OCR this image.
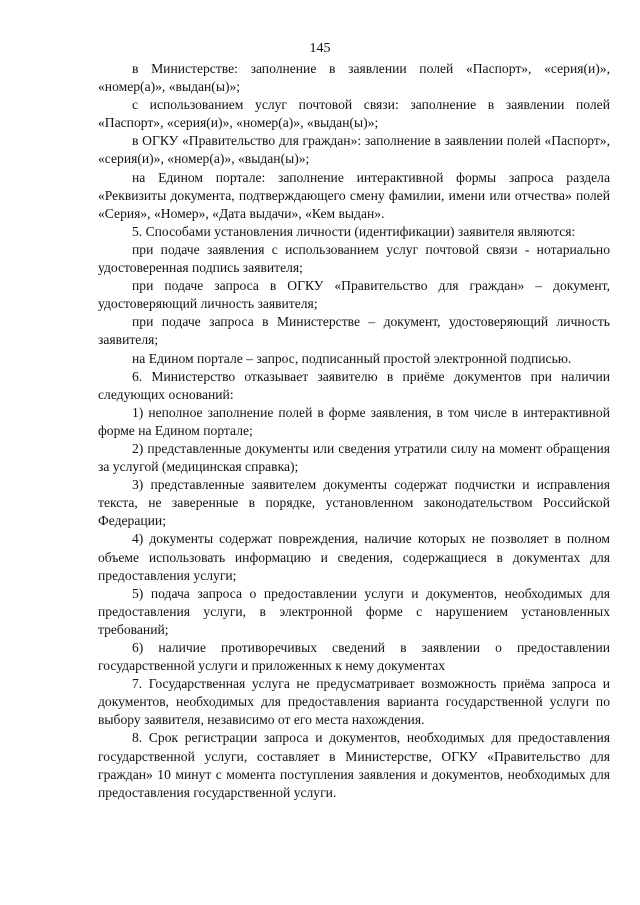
145

в Министерстве: заполнение в заявлении полей «Паспорт», «серия(и)», «номер(а)», «выдан(ы)»;

с использованием услуг почтовой связи: заполнение в заявлении полей «Паспорт», «серия(и)», «номер(а)», «выдан(ы)»;

в ОГКУ «Правительство для граждан»: заполнение в заявлении полей «Паспорт», «серия(и)», «номер(а)», «выдан(ы)»;

на Едином портале: заполнение интерактивной формы запроса раздела «Реквизиты документа, подтверждающего смену фамилии, имени или отчества» полей «Серия», «Номер», «Дата выдачи», «Кем выдан».

5. Способами установления личности (идентификации) заявителя являются:

при подаче заявления с использованием услуг почтовой связи - нотариально удостоверенная подпись заявителя;

при подаче запроса в ОГКУ «Правительство для граждан» – документ, удостоверяющий личность заявителя;

при подаче запроса в Министерстве – документ, удостоверяющий личность заявителя;

на Едином портале – запрос, подписанный простой электронной подписью.

6. Министерство отказывает заявителю в приёме документов при наличии следующих оснований:

1) неполное заполнение полей в форме заявления, в том числе в интерактивной форме на Едином портале;

2) представленные документы или сведения утратили силу на момент обращения за услугой (медицинская справка);

3) представленные заявителем документы содержат подчистки и исправления текста, не заверенные в порядке, установленном законодательством Российской Федерации;

4) документы содержат повреждения, наличие которых не позволяет в полном объеме использовать информацию и сведения, содержащиеся в документах для предоставления услуги;

5) подача запроса о предоставлении услуги и документов, необходимых для предоставления услуги, в электронной форме с нарушением установленных требований;

6) наличие противоречивых сведений в заявлении о предоставлении государственной услуги и приложенных к нему документах

7. Государственная услуга не предусматривает возможность приёма запроса и документов, необходимых для предоставления варианта государственной услуги по выбору заявителя, независимо от его места нахождения.

8. Срок регистрации запроса и документов, необходимых для предоставления государственной услуги, составляет в Министерстве, ОГКУ «Правительство для граждан» 10 минут с момента поступления заявления и документов, необходимых для предоставления государственной услуги.
